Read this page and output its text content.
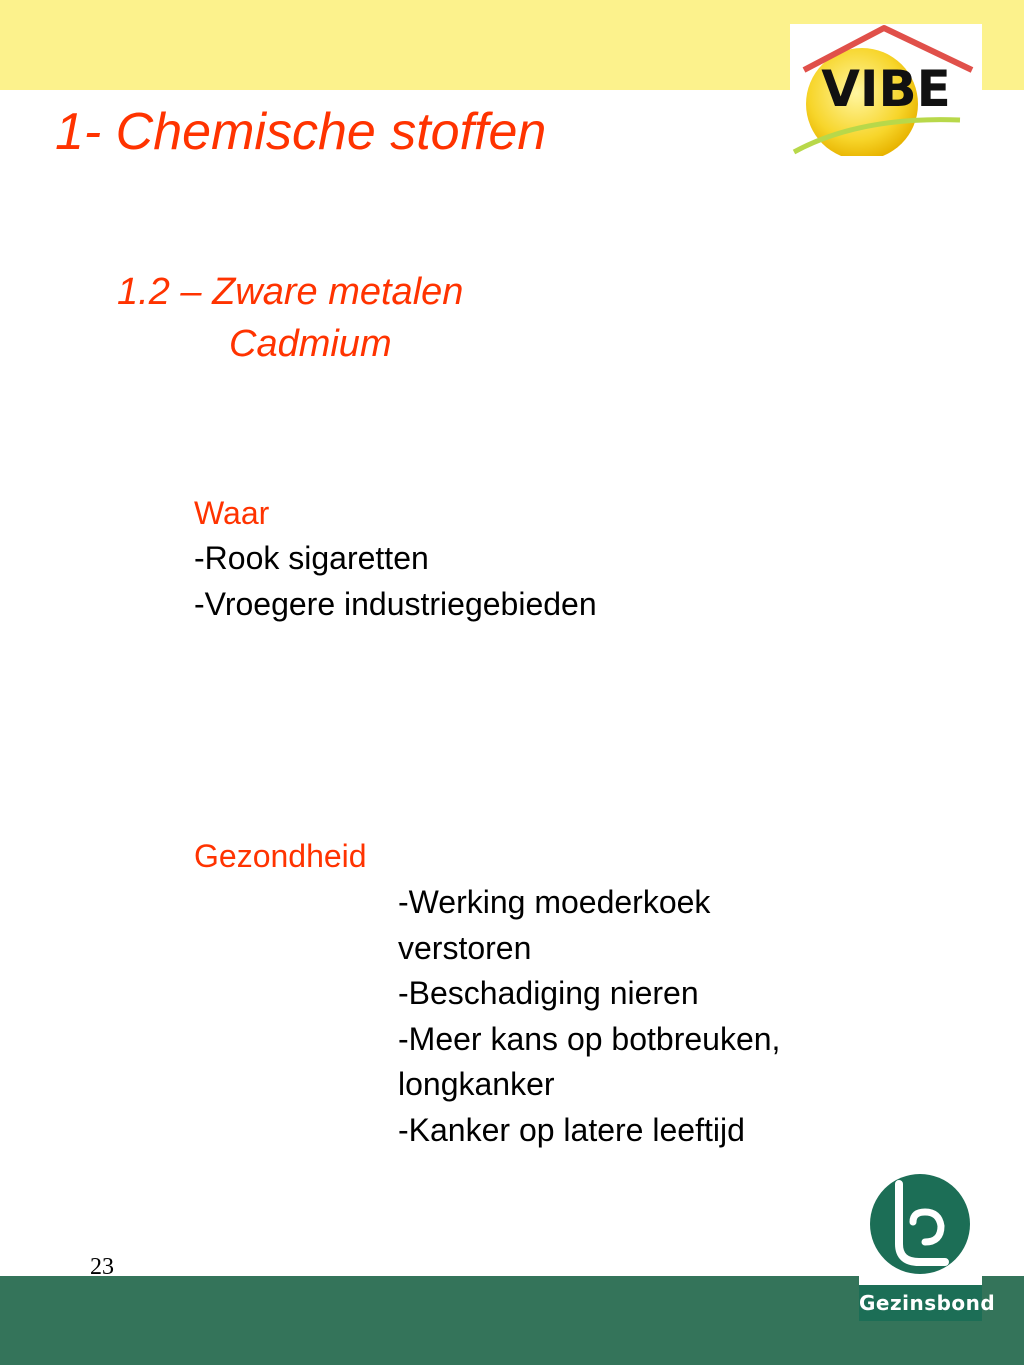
VIBE
1- Chemische stoffen
1.2 – Zware metalen
Cadmium
Waar
-Rook sigaretten
-Vroegere industriegebieden
Gezondheid
-Werking moederkoek
verstoren
-Beschadiging nieren
-Meer kans op botbreuken,
longkanker
-Kanker op latere leeftijd
23
Gezinsbond
